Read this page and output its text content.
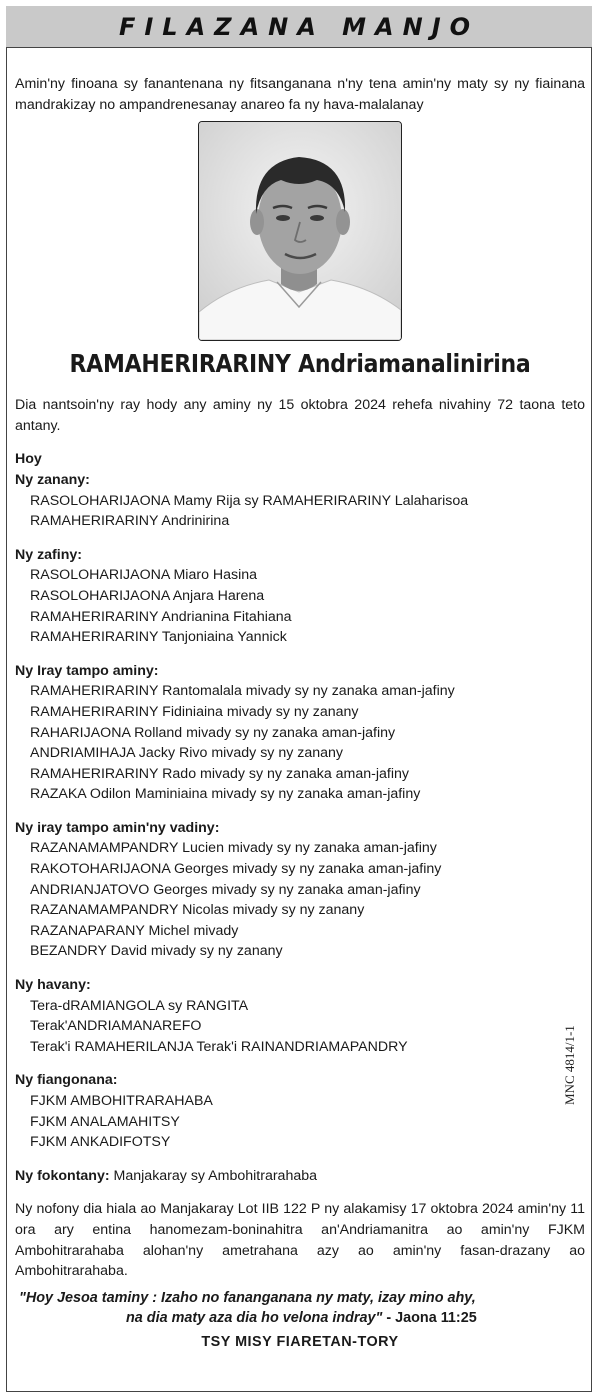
FILAZANA MANJO

Amin'ny finoana sy fanantenana ny fitsanganana n'ny tena amin'ny maty sy ny fiainana mandrakizay no ampandrenesanay anareo fa ny hava-malalanay

RAMAHERIRARINY Andriamanalinirina

Dia nantsoin'ny ray hody any aminy ny 15 oktobra 2024 rehefa nivahiny 72 taona teto antany.

Hoy
Ny zanany:
RASOLOHARIJAONA Mamy Rija sy RAMAHERIRARINY Lalaharisoa
RAMAHERIRARINY Andrinirina
Ny zafiny:
RASOLOHARIJAONA Miaro Hasina
RASOLOHARIJAONA Anjara Harena
RAMAHERIRARINY Andrianina Fitahiana
RAMAHERIRARINY Tanjoniaina Yannick
Ny Iray tampo aminy:
RAMAHERIRARINY Rantomalala mivady sy ny zanaka aman-jafiny
RAMAHERIRARINY Fidiniaina mivady sy ny zanany
RAHARIJAONA Rolland mivady sy ny zanaka aman-jafiny
ANDRIAMIHAJA Jacky Rivo mivady sy ny zanany
RAMAHERIRARINY Rado mivady sy ny zanaka aman-jafiny
RAZAKA Odilon Maminiaina mivady sy ny zanaka aman-jafiny
Ny iray tampo amin'ny vadiny:
RAZANAMAMPANDRY Lucien mivady sy ny zanaka aman-jafiny
RAKOTOHARIJAONA Georges mivady sy ny zanaka aman-jafiny
ANDRIANJATOVO Georges mivady sy ny zanaka aman-jafiny
RAZANAMAMPANDRY Nicolas mivady sy ny zanany
RAZANAPARANY Michel mivady
BEZANDRY David mivady sy ny zanany
Ny havany:
Tera-dRAMIANGOLA sy RANGITA
Terak'ANDRIAMANAREFO
Terak'i RAMAHERILANJA Terak'i RAINANDRIAMAPANDRY
Ny fiangonana:
FJKM AMBOHITRARAHABA
FJKM ANALAMAHITSY
FJKM ANKADIFOTSY
Ny fokontany: Manjakaray sy Ambohitrarahaba

Ny nofony dia hiala ao Manjakaray Lot IIB 122 P ny alakamisy 17 oktobra 2024 amin'ny 11 ora ary entina hanomezam-boninahitra an'Andriamanitra ao amin'ny FJKM Ambohitrarahaba alohan'ny ametrahana azy ao amin'ny fasan-drazany ao Ambohitrarahaba.

"Hoy Jesoa taminy : Izaho no fananganana ny maty, izay mino ahy,
na dia maty aza dia ho velona indray" - Jaona 11:25
TSY MISY FIARETAN-TORY
MNC 4814/1-1
